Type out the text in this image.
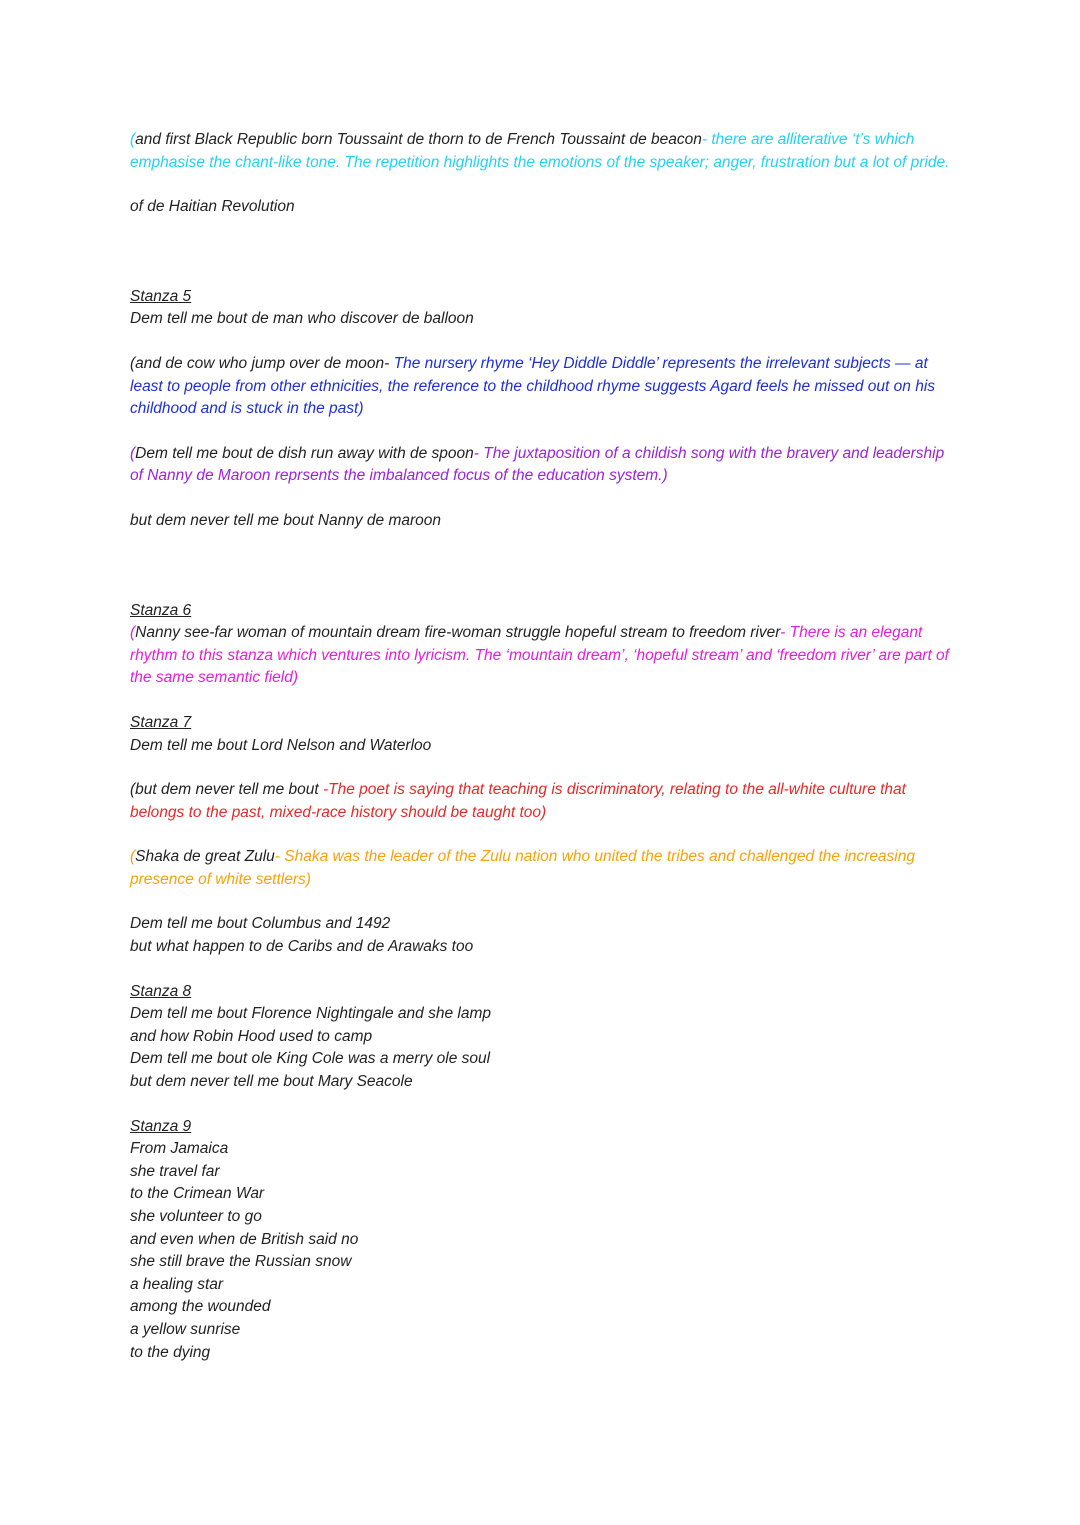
(and first Black Republic born Toussaint de thorn to de French Toussaint de beacon- there are alliterative ‘t’s which emphasise the chant-like tone. The repetition highlights the emotions of the speaker; anger, frustration but a lot of pride.

of de Haitian Revolution

Stanza 5

Dem tell me bout de man who discover de balloon

(and de cow who jump over de moon- The nursery rhyme ‘Hey Diddle Diddle’ represents the irrelevant subjects — at least to people from other ethnicities, the reference to the childhood rhyme suggests Agard feels he missed out on his childhood and is stuck in the past)

(Dem tell me bout de dish run away with de spoon- The juxtaposition of a childish song with the bravery and leadership of Nanny de Maroon reprsents the imbalanced focus of the education system.)

but dem never tell me bout Nanny de maroon

Stanza 6

(Nanny see-far woman of mountain dream fire-woman struggle hopeful stream to freedom river- There is an elegant rhythm to this stanza which ventures into lyricism. The ‘mountain dream’, ‘hopeful stream’ and ‘freedom river’ are part of the same semantic field)

Stanza 7

Dem tell me bout Lord Nelson and Waterloo

(but dem never tell me bout -The poet is saying that teaching is discriminatory, relating to the all-white culture that belongs to the past, mixed-race history should be taught too)

(Shaka de great Zulu- Shaka was the leader of the Zulu nation who united the tribes and challenged the increasing presence of white settlers)

Dem tell me bout Columbus and 1492

but what happen to de Caribs and de Arawaks too

Stanza 8

Dem tell me bout Florence Nightingale and she lamp

and how Robin Hood used to camp

Dem tell me bout ole King Cole was a merry ole soul

but dem never tell me bout Mary Seacole

Stanza 9

From Jamaica

she travel far

to the Crimean War

she volunteer to go

and even when de British said no

she still brave the Russian snow

a healing star

among the wounded

a yellow sunrise

to the dying
